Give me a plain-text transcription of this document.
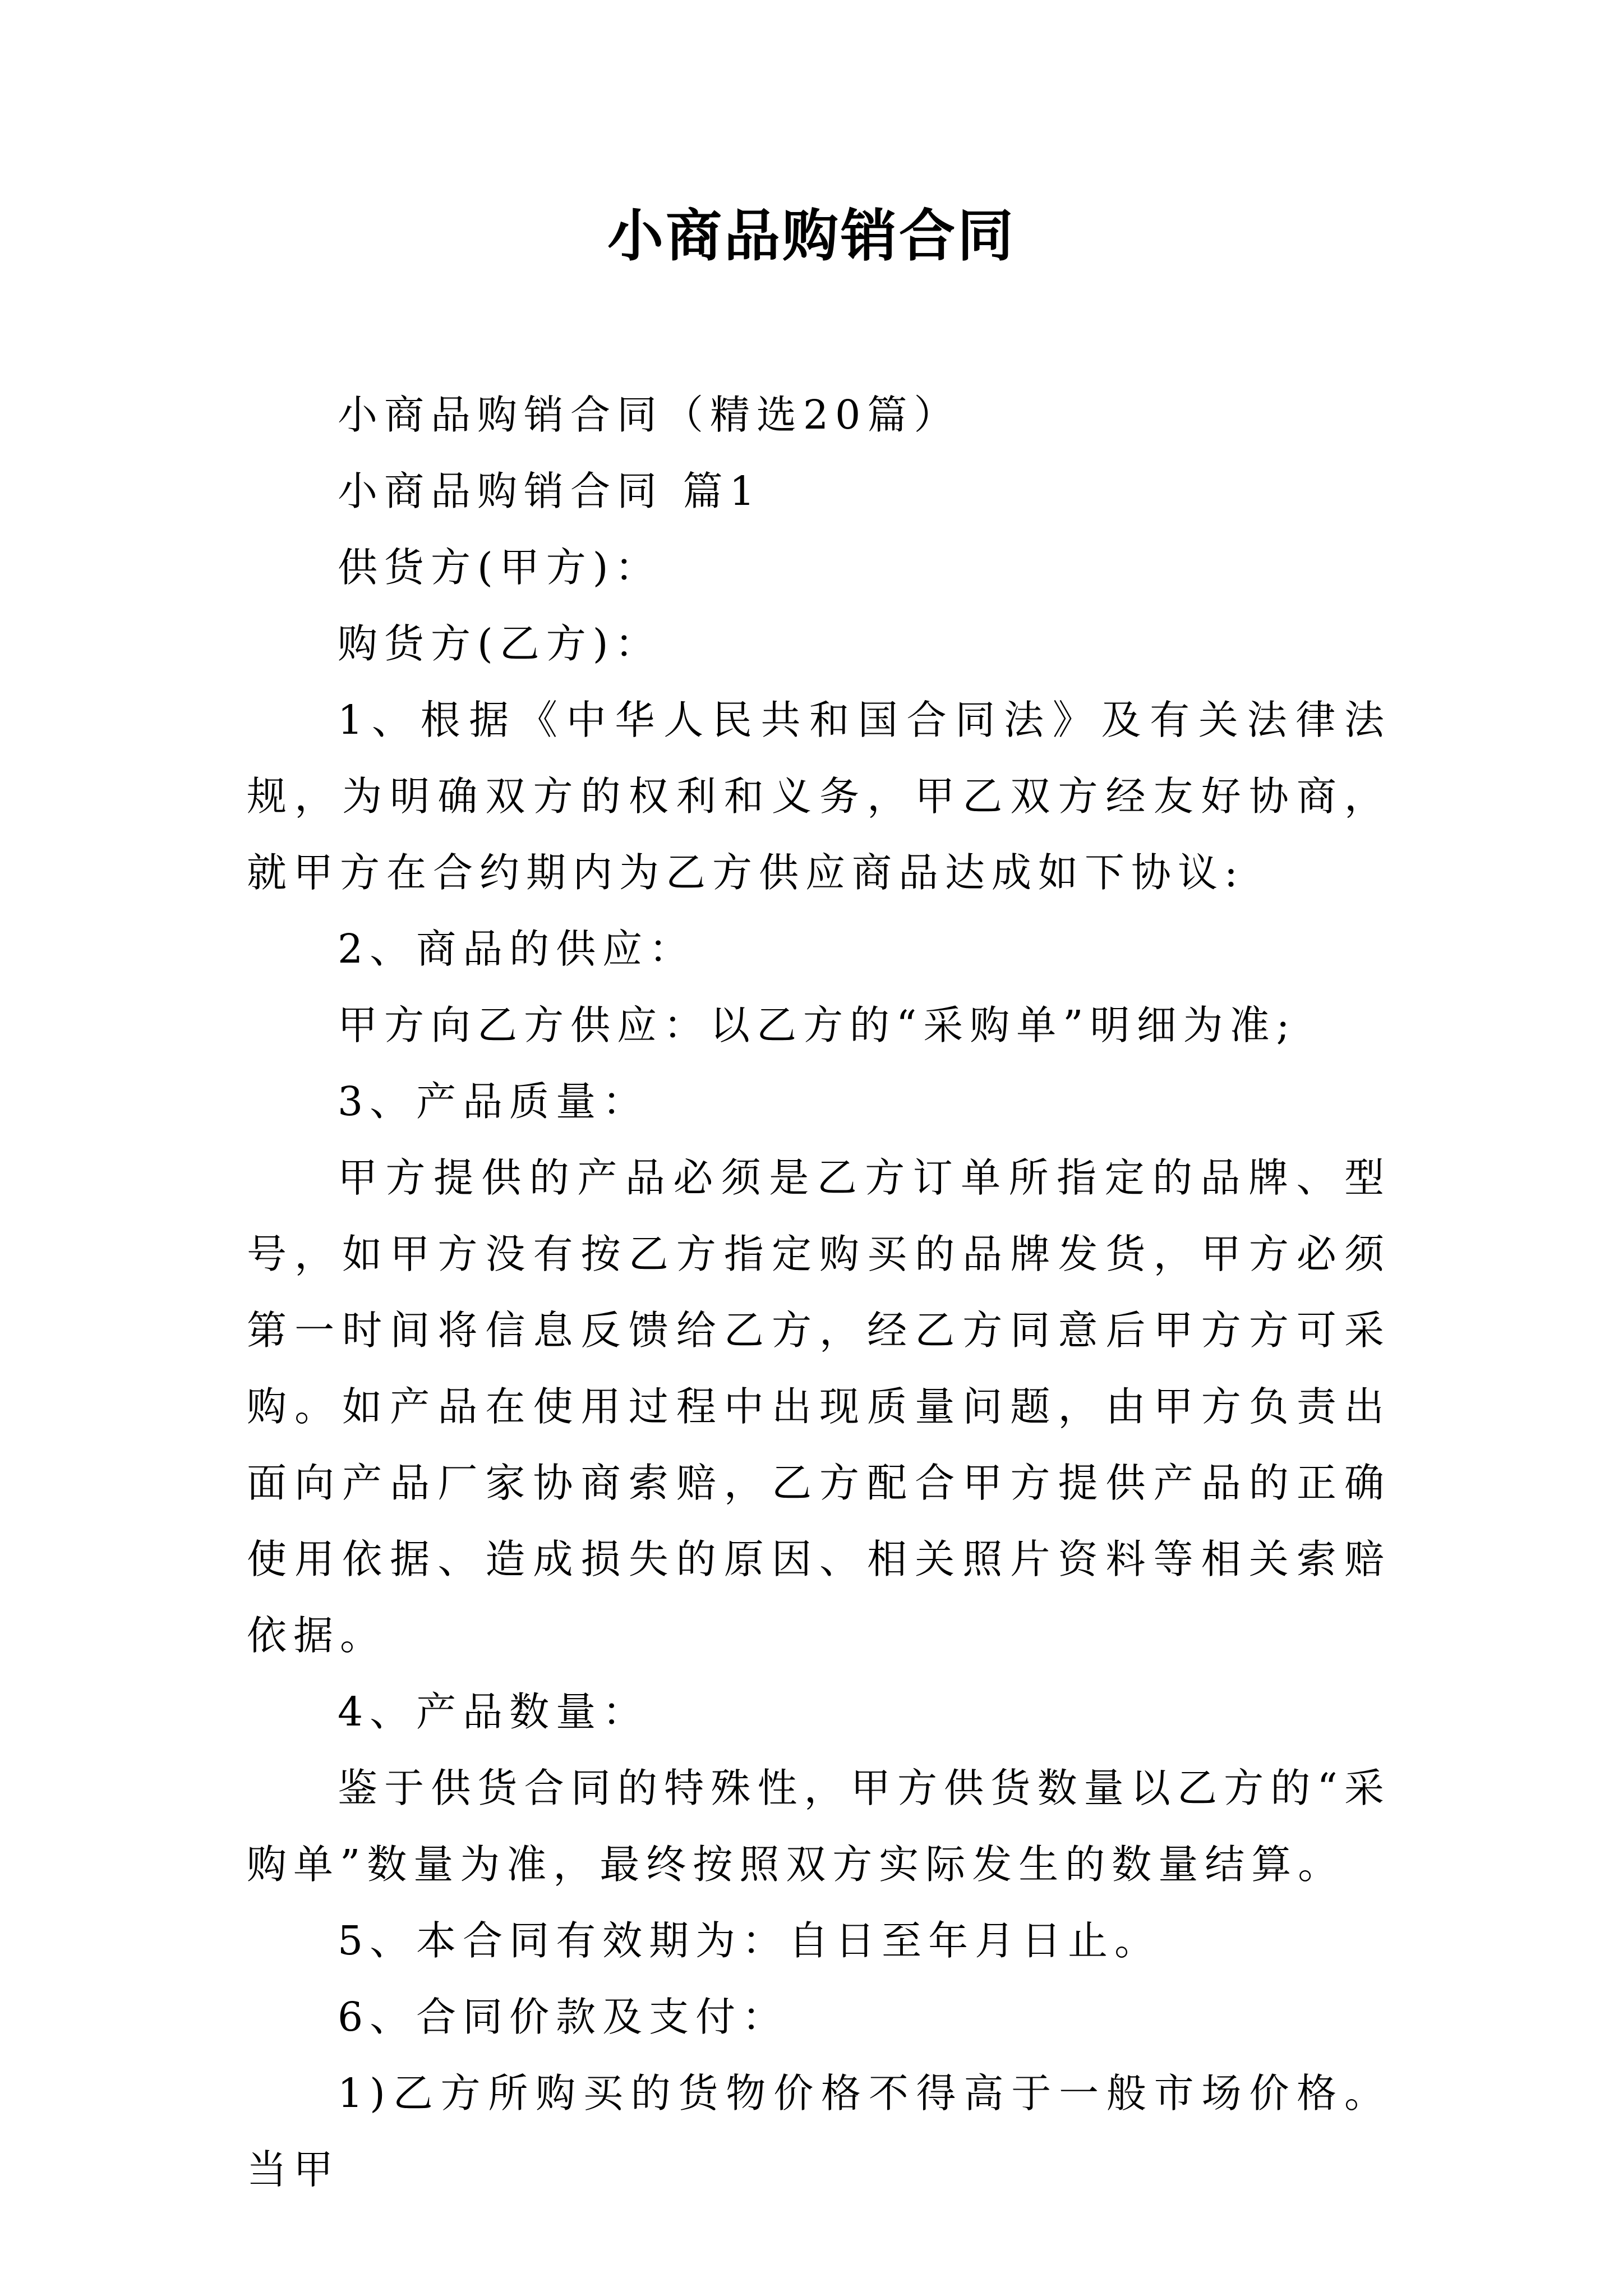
小商品购销合同

小商品购销合同（精选20篇）

小商品购销合同 篇1

供货方(甲方)：

购货方(乙方)：

1、根据《中华人民共和国合同法》及有关法律法规，为明确双方的权利和义务，甲乙双方经友好协商，就甲方在合约期内为乙方供应商品达成如下协议:

2、商品的供应：

甲方向乙方供应：以乙方的“采购单”明细为准;

3、产品质量：

甲方提供的产品必须是乙方订单所指定的品牌、型号，如甲方没有按乙方指定购买的品牌发货，甲方必须第一时间将信息反馈给乙方，经乙方同意后甲方方可采购。如产品在使用过程中出现质量问题，由甲方负责出面向产品厂家协商索赔，乙方配合甲方提供产品的正确使用依据、造成损失的原因、相关照片资料等相关索赔依据。

4、产品数量：

鉴于供货合同的特殊性，甲方供货数量以乙方的“采购单”数量为准，最终按照双方实际发生的数量结算。

5、本合同有效期为：自日至年月日止。

6、合同价款及支付：

1)乙方所购买的货物价格不得高于一般市场价格。当甲
